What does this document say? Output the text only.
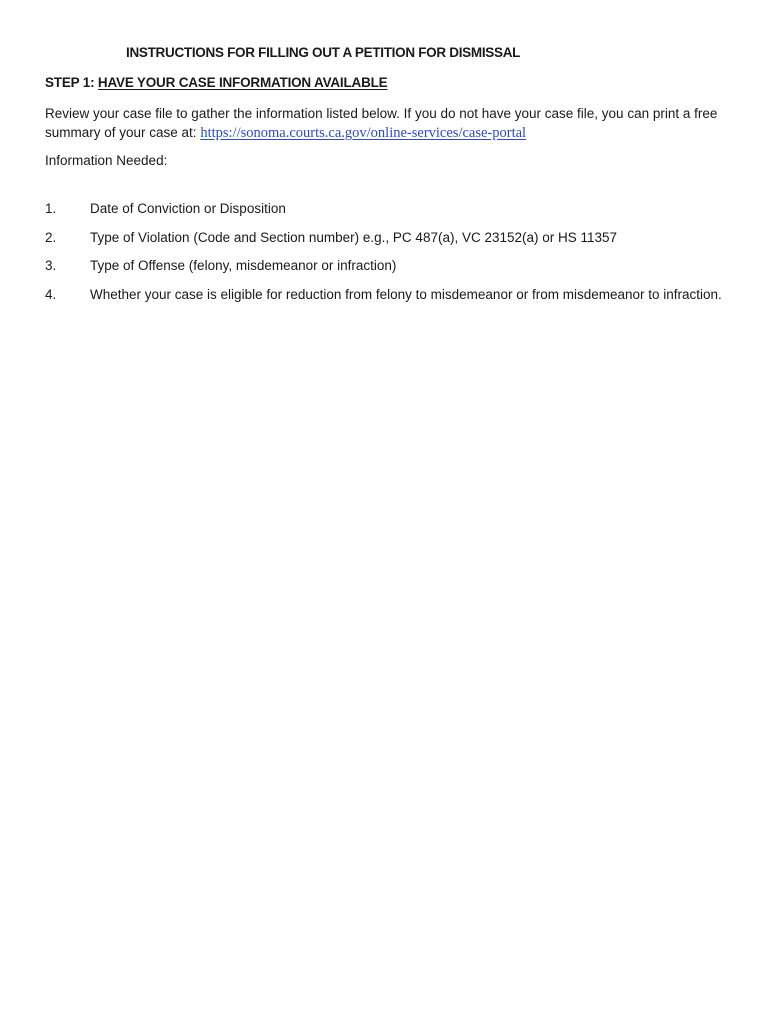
INSTRUCTIONS FOR FILLING OUT A PETITION FOR DISMISSAL
STEP 1: HAVE YOUR CASE INFORMATION AVAILABLE

Review your case file to gather the information listed below. If you do not have your case file, you can print a free summary of your case at: https://sonoma.courts.ca.gov/online-services/case-portal

Information Needed:

1.	Date of Conviction or Disposition
2.	Type of Violation (Code and Section number) e.g., PC 487(a), VC 23152(a) or HS 11357
3.	Type of Offense (felony, misdemeanor or infraction)
4.	Whether your case is eligible for reduction from felony to misdemeanor or from misdemeanor to infraction.
